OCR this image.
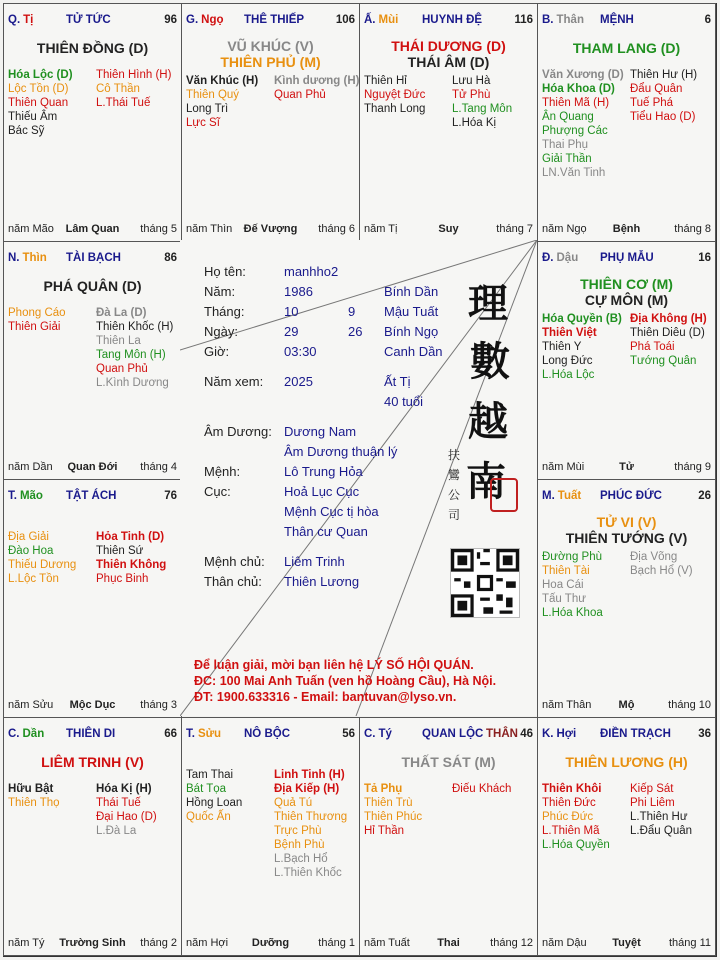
Q. Tị	TỬ TỨC	96
THIÊN ĐỒNG (D)
Hóa Lộc (D)
Lộc Tồn (D)
Thiên Quan
Thiếu Âm
Bác Sỹ
Thiên Hình (H)
Cô Thần
L.Thái Tuế
năm Mão	Lâm Quan	tháng 5
G. Ngọ THÊ THIẾP	106
VŨ KHÚC (V)
THIÊN PHỦ (M)
Văn Khúc (H)
Thiên Quý
Long Trì
Lực Sĩ
Kình dương (H)
Quan Phủ
năm Thìn	Đế Vượng	tháng 6
Ấ. Mùi HUYNH ĐỆ	116
THÁI DƯƠNG (D)
THÁI ÂM (D)
Thiên Hỉ
Nguyệt Đức
Thanh Long
Lưu Hà
Tử Phù
L.Tang Môn
L.Hóa Kị
năm Tị	Suy	tháng 7
B. Thân MỆNH	6
THAM LANG (D)
Văn Xương (D)
Hóa Khoa (D)
Thiên Mã (H)
Ân Quang
Phượng Các
Thai Phụ
Giải Thần
LN.Văn Tinh
Thiên Hư (H)
Đẩu Quân
Tuế Phá
Tiểu Hao (D)
năm Ngọ	Bệnh	tháng 8
N. Thìn TÀI BẠCH	86
PHÁ QUÂN (D)
Phong Cáo
Thiên Giải
Đà La (D)
Thiên Khốc (H)
Thiên La
Tang Môn (H)
Quan Phủ
L.Kình Dương
năm Dần	Quan Đới	tháng 4
Đ. Dậu PHỤ MẪU	16
THIÊN CƠ (M)
CỰ MÔN (M)
Hóa Quyền (B)
Thiên Việt
Thiên Y
Long Đức
L.Hóa Lộc
Địa Không (H)
Thiên Diêu (D)
Phá Toái
Tướng Quân
năm Mùi	Tử	tháng 9
T. Mão TẬT ÁCH	76
Địa Giải
Đào Hoa
Thiếu Dương
L.Lộc Tồn
Hỏa Tinh (D)
Thiên Sứ
Thiên Không
Phục Binh
năm Sửu	Mộc Dục	tháng 3
M. Tuất PHÚC ĐỨC	26
TỬ VI (V)
THIÊN TƯỚNG (V)
Đường Phù
Thiên Tài
Hoa Cái
Tấu Thư
L.Hóa Khoa
Địa Võng
Bạch Hổ (V)
năm Thân	Mộ	tháng 10
C. Dần THIÊN DI	66
LIÊM TRINH (V)
Hữu Bật
Thiên Thọ
Hóa Kị (H)
Thái Tuế
Đại Hao (D)
L.Đà La
năm Tý	Trường Sinh	tháng 2
T. Sửu NÔ BỘC	56
Tam Thai
Bát Tọa
Hồng Loan
Quốc Ấn
Linh Tinh (H)
Địa Kiếp (H)
Quả Tú
Thiên Thương
Trực Phù
Bệnh Phù
L.Bạch Hổ
L.Thiên Khốc
năm Hợi	Dưỡng	tháng 1
C. Tý	QUAN LỘC	46
THÂN
THẤT SÁT (M)
Tả Phụ
Thiên Trù
Thiên Phúc
Hỉ Thần
Điếu Khách
năm Tuất	Thai	tháng 12
K. Hợi ĐIỀN TRẠCH 36
THIÊN LƯƠNG (H)
Thiên Khôi
Thiên Đức
Phúc Đức
L.Thiên Mã
L.Hóa Quyền
Kiếp Sát
Phi Liêm
L.Thiên Hư
L.Đẩu Quân
năm Dậu	Tuyệt	tháng 11
Họ tên:	manhho2
Năm:	1986	Bính Dần
Tháng:	10	9 Mậu Tuất
Ngày:	29	26 Bính Ngọ
Giờ:	03:30	Canh Dần
Năm xem: 2025	Ất Tị
40 tuổi
Âm Dương: Dương Nam
Âm Dương thuận lý
Mệnh:	Lô Trung Hỏa
Cục:	Hoả Lục Cục
Mệnh Cục tị hòa
Thân cư Quan
Mệnh chủ: Liêm Trinh
Thân chủ: Thiên Lương
理
數
越
南
扶 鸞 公 司
Để luận giải, mời bạn liên hệ LÝ SỐ HỘI QUÁN.
ĐC: 100 Mai Anh Tuấn (ven hồ Hoàng Cầu), Hà Nội.
ĐT: 1900.633316 - Email: bantuvan@lyso.vn.
